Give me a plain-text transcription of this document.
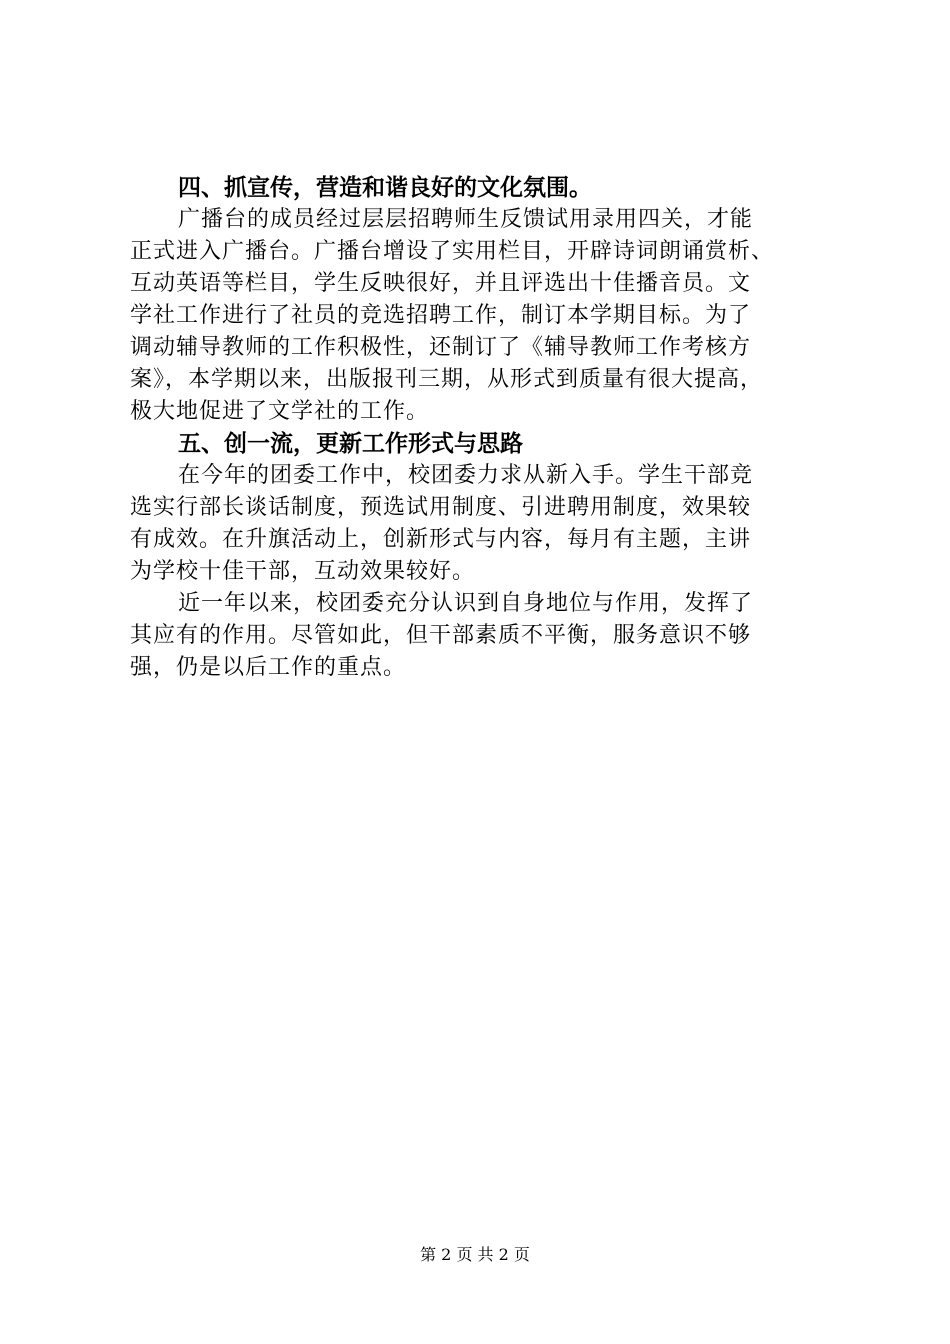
四、抓宣传，营造和谐良好的文化氛围。

广播台的成员经过层层招聘师生反馈试用录用四关，才能
正式进入广播台。广播台增设了实用栏目，开辟诗词朗诵赏析、
互动英语等栏目，学生反映很好，并且评选出十佳播音员。文
学社工作进行了社员的竞选招聘工作，制订本学期目标。为了
调动辅导教师的工作积极性，还制订了《辅导教师工作考核方
案》，本学期以来，出版报刊三期，从形式到质量有很大提高，
极大地促进了文学社的工作。

五、创一流，更新工作形式与思路

在今年的团委工作中，校团委力求从新入手。学生干部竞
选实行部长谈话制度，预选试用制度、引进聘用制度，效果较
有成效。在升旗活动上，创新形式与内容，每月有主题，主讲
为学校十佳干部，互动效果较好。

近一年以来，校团委充分认识到自身地位与作用，发挥了
其应有的作用。尽管如此，但干部素质不平衡，服务意识不够
强，仍是以后工作的重点。

第 2 页 共 2 页
